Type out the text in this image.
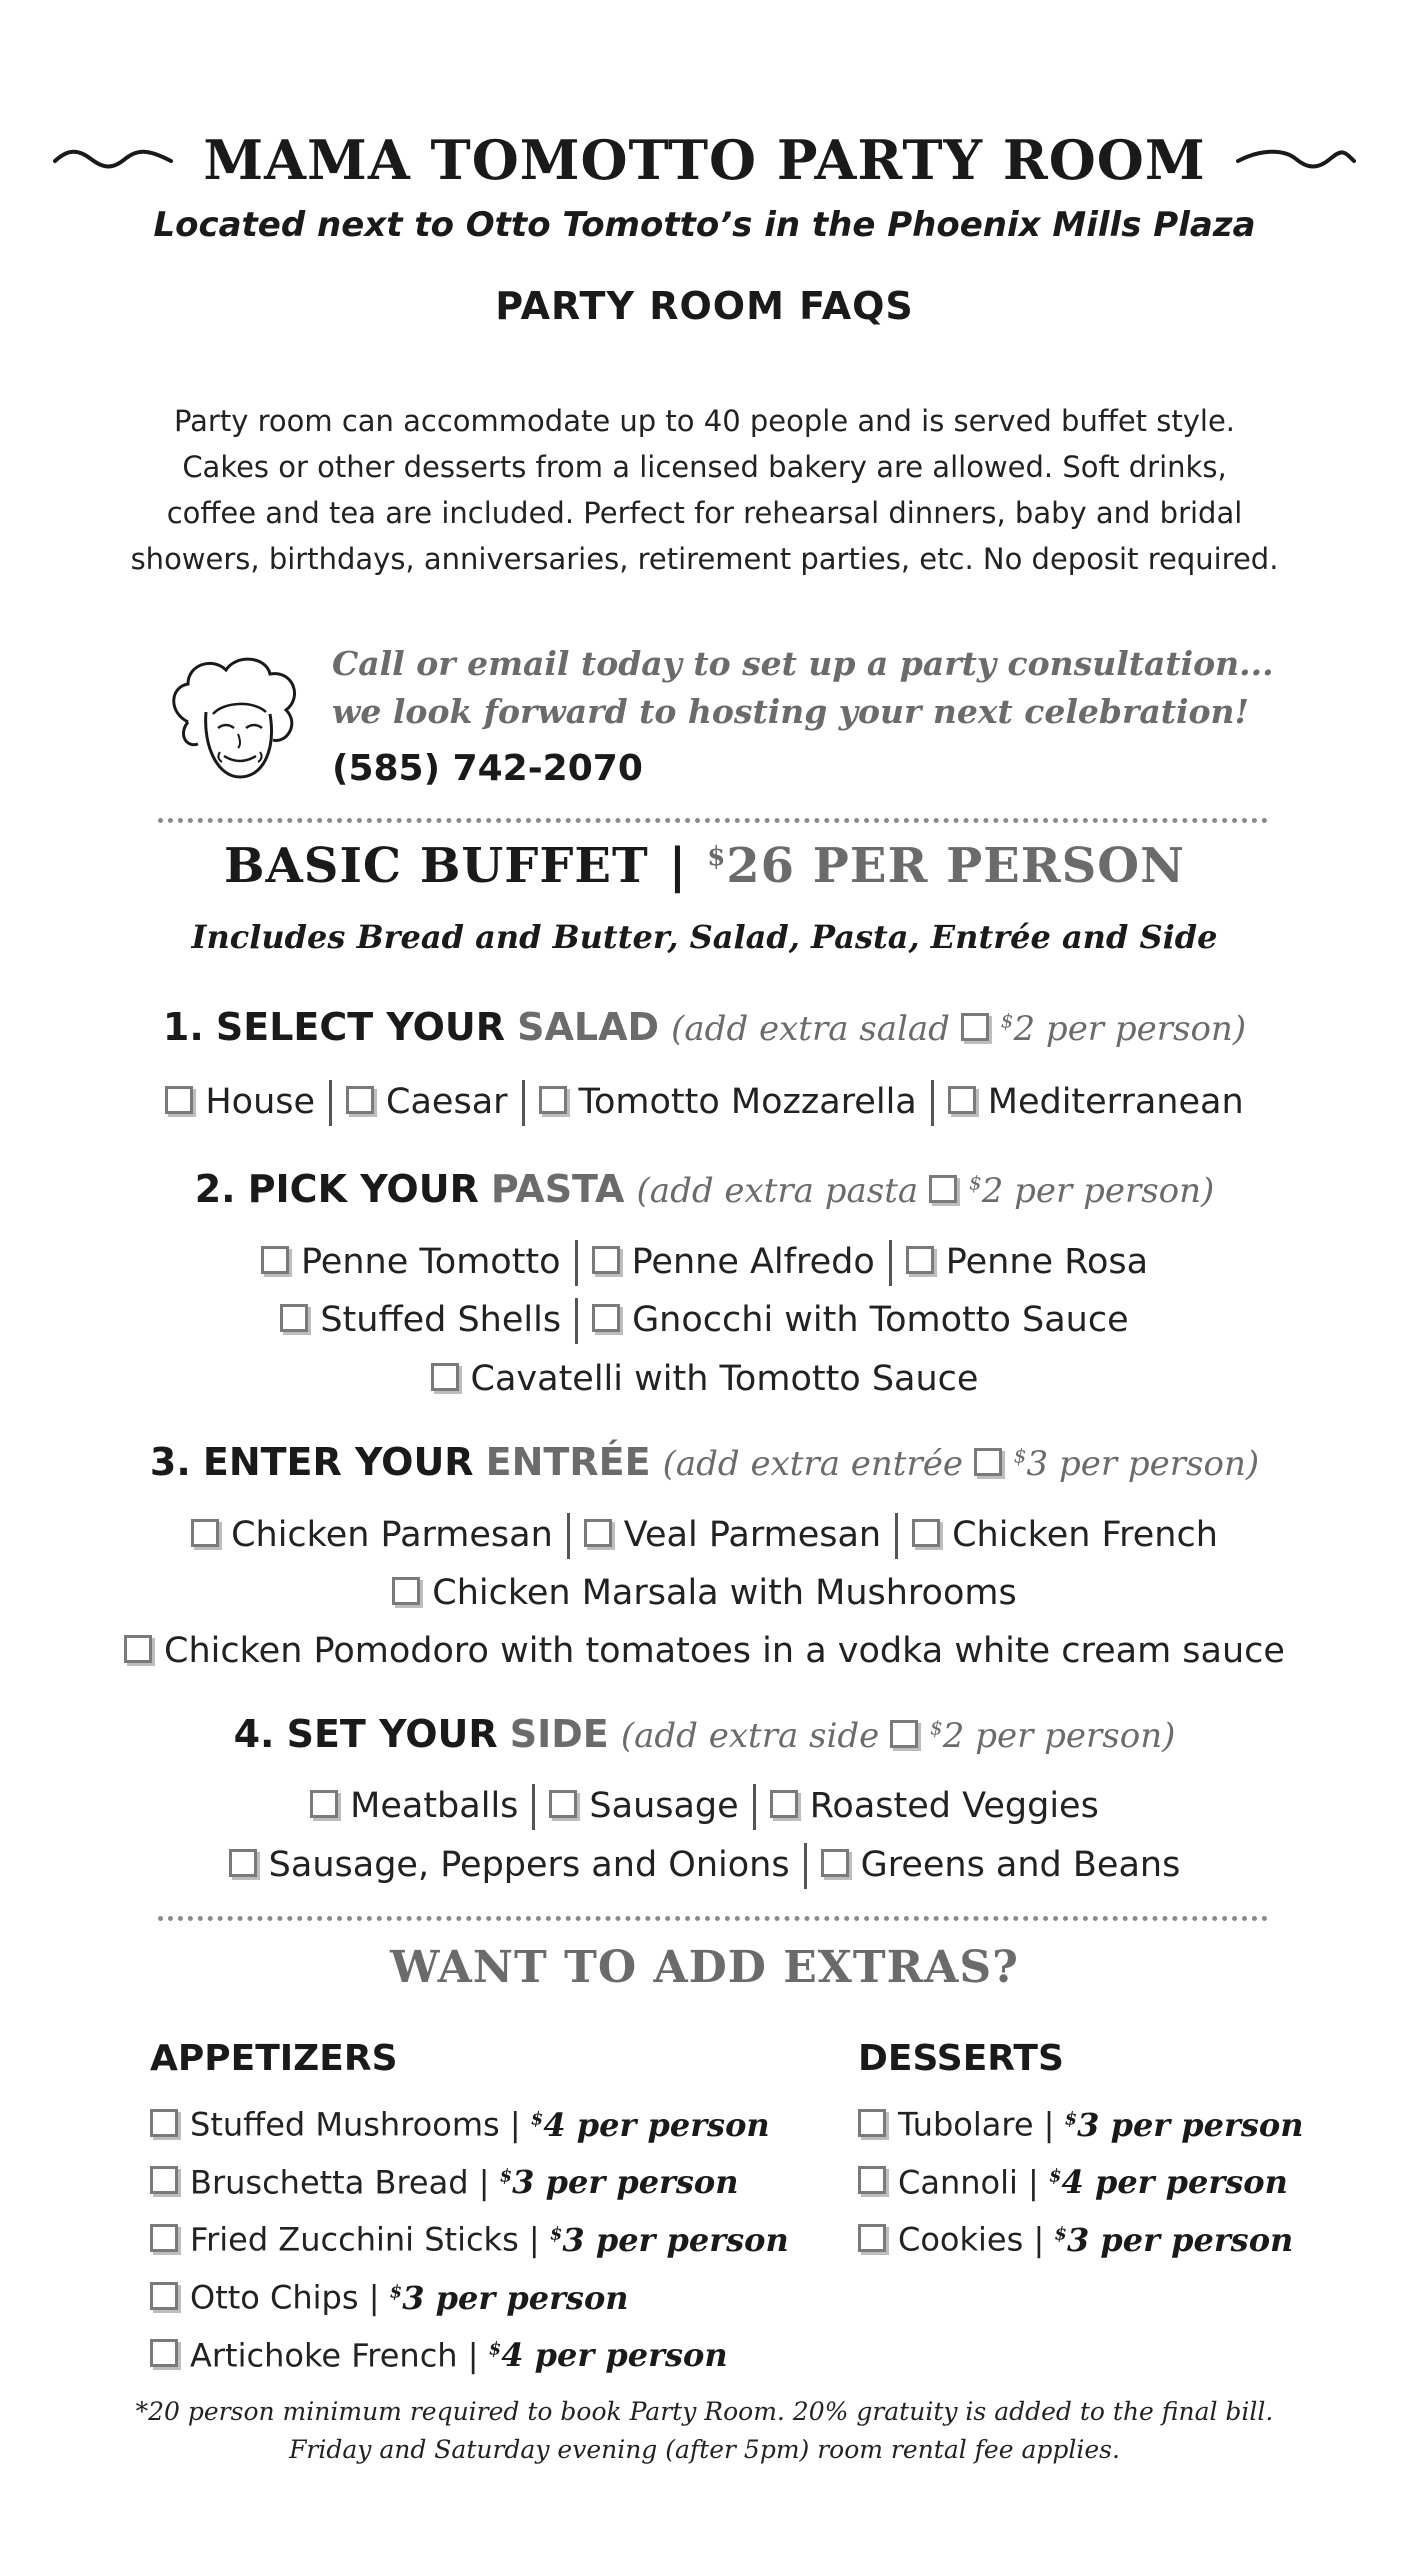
MAMA TOMOTTO PARTY ROOM
Located next to Otto Tomotto’s in the Phoenix Mills Plaza
PARTY ROOM FAQS
Party room can accommodate up to 40 people and is served buffet style.
Cakes or other desserts from a licensed bakery are allowed. Soft drinks,
coffee and tea are included. Perfect for rehearsal dinners, baby and bridal
showers, birthdays, anniversaries, retirement parties, etc. No deposit required.
Call or email today to set up a party consultation...
we look forward to hosting your next celebration!
(585) 742-2070
BASIC BUFFET | $26 PER PERSON
Includes Bread and Butter, Salad, Pasta, Entrée and Side
1. SELECT YOUR SALAD (add extra salad	$2 per person)
House Caesar Tomotto Mozzarella Mediterranean
2. PICK YOUR PASTA (add extra pasta	$2 per person)
Penne Tomotto Penne Alfredo Penne Rosa
Stuffed Shells Gnocchi with Tomotto Sauce
Cavatelli with Tomotto Sauce
3. ENTER YOUR ENTRÉE (add extra entrée	$3 per person)
Chicken Parmesan Veal Parmesan Chicken French
Chicken Marsala with Mushrooms
Chicken Pomodoro with tomatoes in a vodka white cream sauce
4. SET YOUR SIDE (add extra side	$2 per person)
Meatballs Sausage Roasted Veggies
Sausage, Peppers and Onions Greens and Beans
WANT TO ADD EXTRAS?
APPETIZERS
Stuffed Mushrooms | $4 per person
Bruschetta Bread | $3 per person
Fried Zucchini Sticks | $3 per person
Otto Chips | $3 per person
Artichoke French | $4 per person
DESSERTS
Tubolare | $3 per person
Cannoli | $4 per person
Cookies | $3 per person
*20 person minimum required to book Party Room. 20% gratuity is added to the final bill.
Friday and Saturday evening (after 5pm) room rental fee applies.
